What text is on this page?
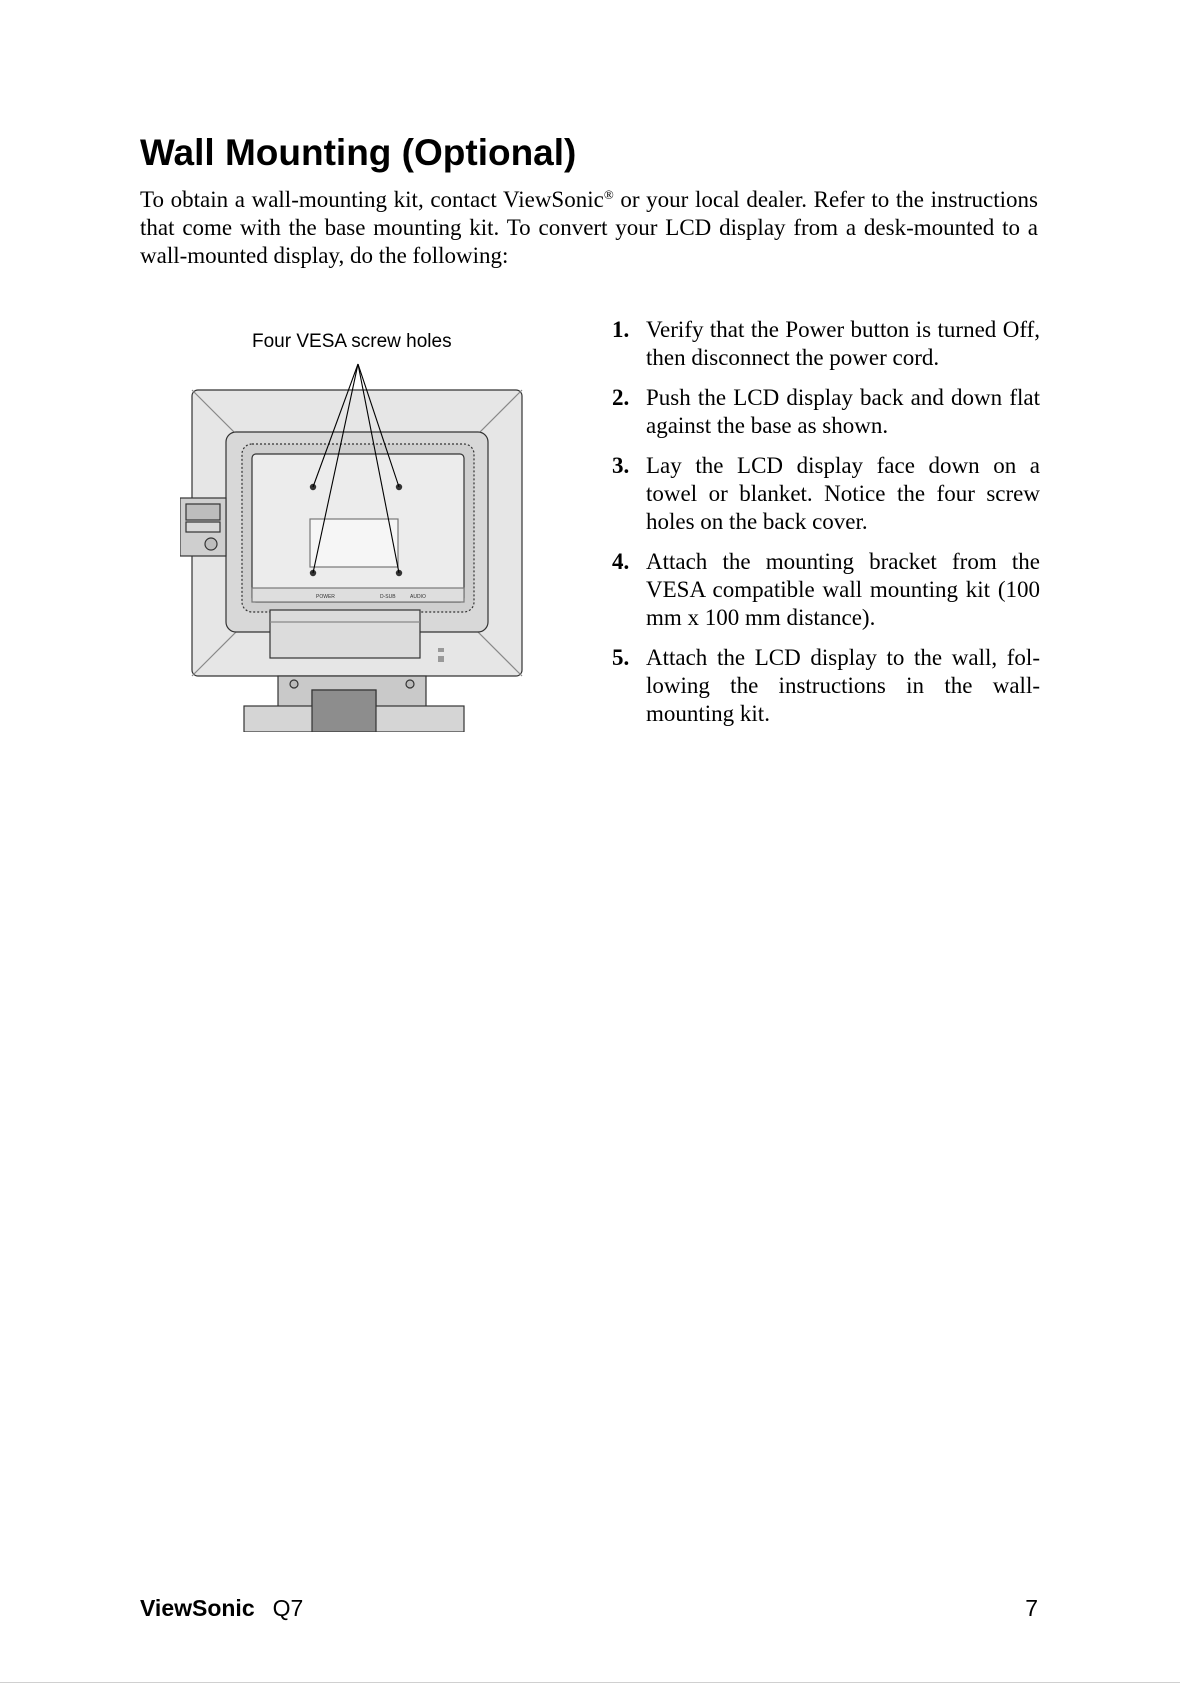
Wall Mounting (Optional)

To obtain a wall-mounting kit, contact ViewSonic® or your local dealer. Refer to the instructions that come with the base mounting kit. To convert your LCD display from a desk-mounted to a wall-mounted display, do the following:

Four VESA screw holes
POWER	D-SUB	AUDIO
1. Verify that the Power button is turned Off, then disconnect the power cord.
2. Push the LCD display back and down flat against the base as shown.
3. Lay the LCD display face down on a towel or blanket. Notice the four screw holes on the back cover.
4. Attach the mounting bracket from the VESA compatible wall mounting kit (100 mm x 100 mm distance).
5. Attach the LCD display to the wall, fol-lowing the instructions in the wall-mounting kit.
ViewSonic Q7	7
